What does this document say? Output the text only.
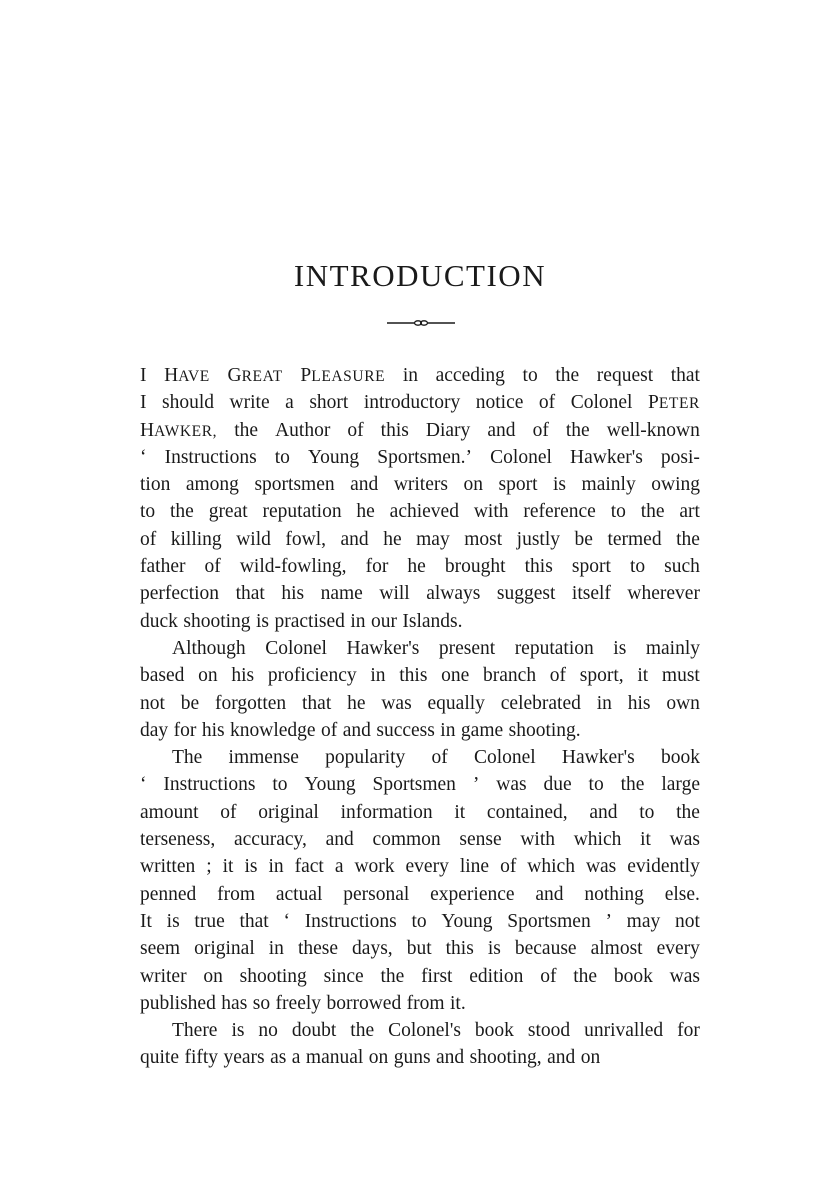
INTRODUCTION
I HAVE GREAT PLEASURE in acceding to the request that
I should write a short introductory notice of Colonel PETER
HAWKER, the Author of this Diary and of the well-known
‘ Instructions to Young Sportsmen.’ Colonel Hawker's posi-
tion among sportsmen and writers on sport is mainly owing
to the great reputation he achieved with reference to the art
of killing wild fowl, and he may most justly be termed the
father of wild-fowling, for he brought this sport to such
perfection that his name will always suggest itself wherever
duck shooting is practised in our Islands.
Although Colonel Hawker's present reputation is mainly
based on his proficiency in this one branch of sport, it must
not be forgotten that he was equally celebrated in his own
day for his knowledge of and success in game shooting.
The immense popularity of Colonel Hawker's book
‘ Instructions to Young Sportsmen ’ was due to the large
amount of original information it contained, and to the
terseness, accuracy, and common sense with which it was
written ; it is in fact a work every line of which was evidently
penned from actual personal experience and nothing else.
It is true that ‘ Instructions to Young Sportsmen ’ may not
seem original in these days, but this is because almost every
writer on shooting since the first edition of the book was
published has so freely borrowed from it.
There is no doubt the Colonel's book stood unrivalled for
quite fifty years as a manual on guns and shooting, and on
